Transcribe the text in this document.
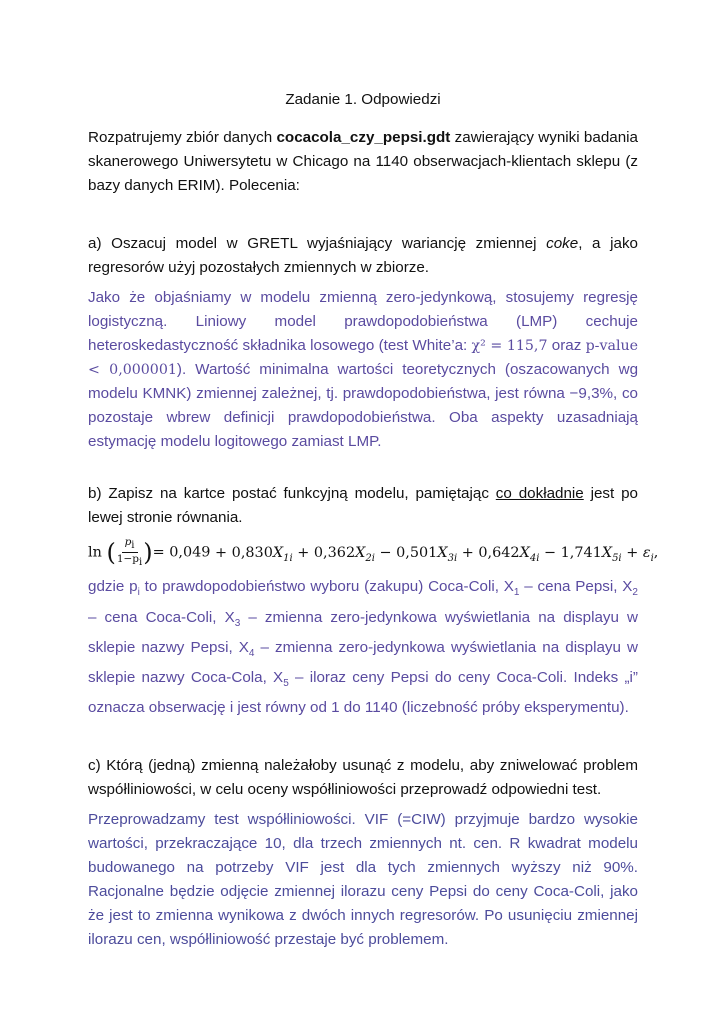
Zadanie 1. Odpowiedzi

Rozpatrujemy zbiór danych cocacola_czy_pepsi.gdt zawierający wyniki badania skanerowego Uniwersytetu w Chicago na 1140 obserwacjach-klientach sklepu (z bazy danych ERIM). Polecenia:

a) Oszacuj model w GRETL wyjaśniający wariancję zmiennej coke, a jako regresorów użyj pozostałych zmiennych w zbiorze.

Jako że objaśniamy w modelu zmienną zero-jedynkową, stosujemy regresję logistyczną. Liniowy model prawdopodobieństwa (LMP) cechuje heteroskedastyczność składnika losowego (test White’a: χ² = 115,7 oraz p-value < 0,000001). Wartość minimalna wartości teoretycznych (oszacowanych wg modelu KMNK) zmiennej zależnej, tj. prawdopodobieństwa, jest równa −9,3%, co pozostaje wbrew definicji prawdopodobieństwa. Oba aspekty uzasadniają estymację modelu logitowego zamiast LMP.

b) Zapisz na kartce postać funkcyjną modelu, pamiętając co dokładnie jest po lewej stronie równania.

ln ( $\frac{p_i}{1-p_i}$ )= $0,049 + 0,830X_{1i} + 0,362X_{2i} - 0,501X_{3i} + 0,642X_{4i} - 1,741X_{5i} + \varepsilon_i$,

gdzie $p_i$ to prawdopodobieństwo wyboru (zakupu) Coca-Coli, $X_1$ – cena Pepsi, $X_2$ – cena Coca-Coli, $X_3$ – zmienna zero-jedynkowa wyświetlania na displayu w sklepie nazwy Pepsi, $X_4$ – zmienna zero-jedynkowa wyświetlania na displayu w sklepie nazwy Coca-Cola, $X_5$ – iloraz ceny Pepsi do ceny Coca-Coli. Indeks „i” oznacza obserwację i jest równy od 1 do 1140 (liczebność próby eksperymentu).

c) Którą (jedną) zmienną należałoby usunąć z modelu, aby zniwelować problem współliniowości, w celu oceny współliniowości przeprowadź odpowiedni test.

Przeprowadzamy test współliniowości. VIF (=CIW) przyjmuje bardzo wysokie wartości, przekraczające 10, dla trzech zmiennych nt. cen. R kwadrat modelu budowanego na potrzeby VIF jest dla tych zmiennych wyższy niż 90%. Racjonalne będzie odjęcie zmiennej ilorazu ceny Pepsi do ceny Coca-Coli, jako że jest to zmienna wynikowa z dwóch innych regresorów. Po usunięciu zmiennej ilorazu cen, współliniowość przestaje być problemem.
